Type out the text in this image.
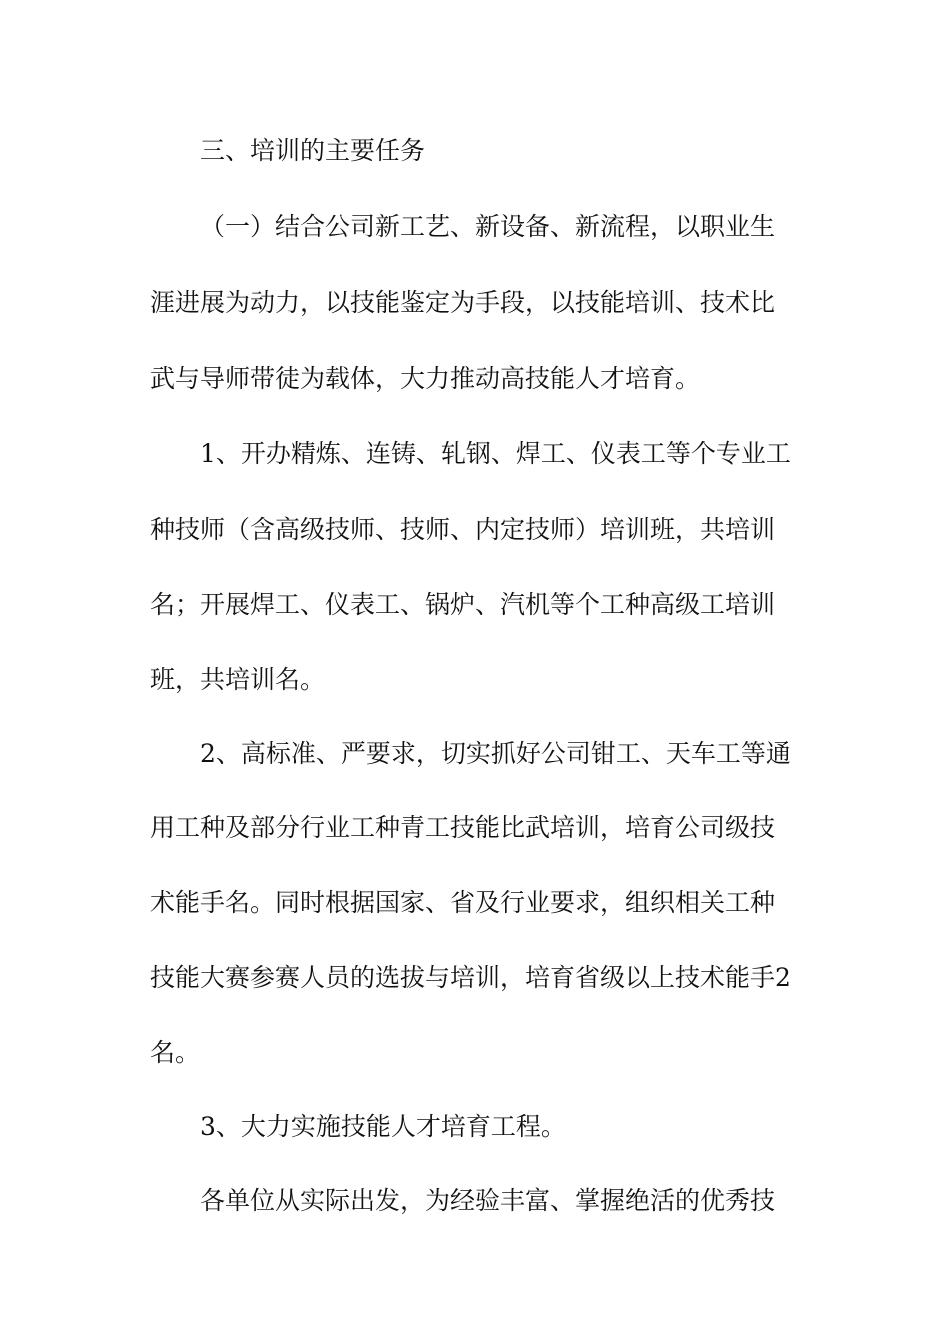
三、培训的主要任务
（一）结合公司新工艺、新设备、新流程，以职业生
涯进展为动力，以技能鉴定为手段，以技能培训、技术比
武与导师带徒为载体，大力推动高技能人才培育。
1、开办精炼、连铸、轧钢、焊工、仪表工等个专业工
种技师（含高级技师、技师、内定技师）培训班，共培训
名；开展焊工、仪表工、锅炉、汽机等个工种高级工培训
班，共培训名。
2、高标准、严要求，切实抓好公司钳工、天车工等通
用工种及部分行业工种青工技能比武培训，培育公司级技
术能手名。同时根据国家、省及行业要求，组织相关工种
技能大赛参赛人员的选拔与培训，培育省级以上技术能手2
名。
3、大力实施技能人才培育工程。
各单位从实际出发，为经验丰富、掌握绝活的优秀技
